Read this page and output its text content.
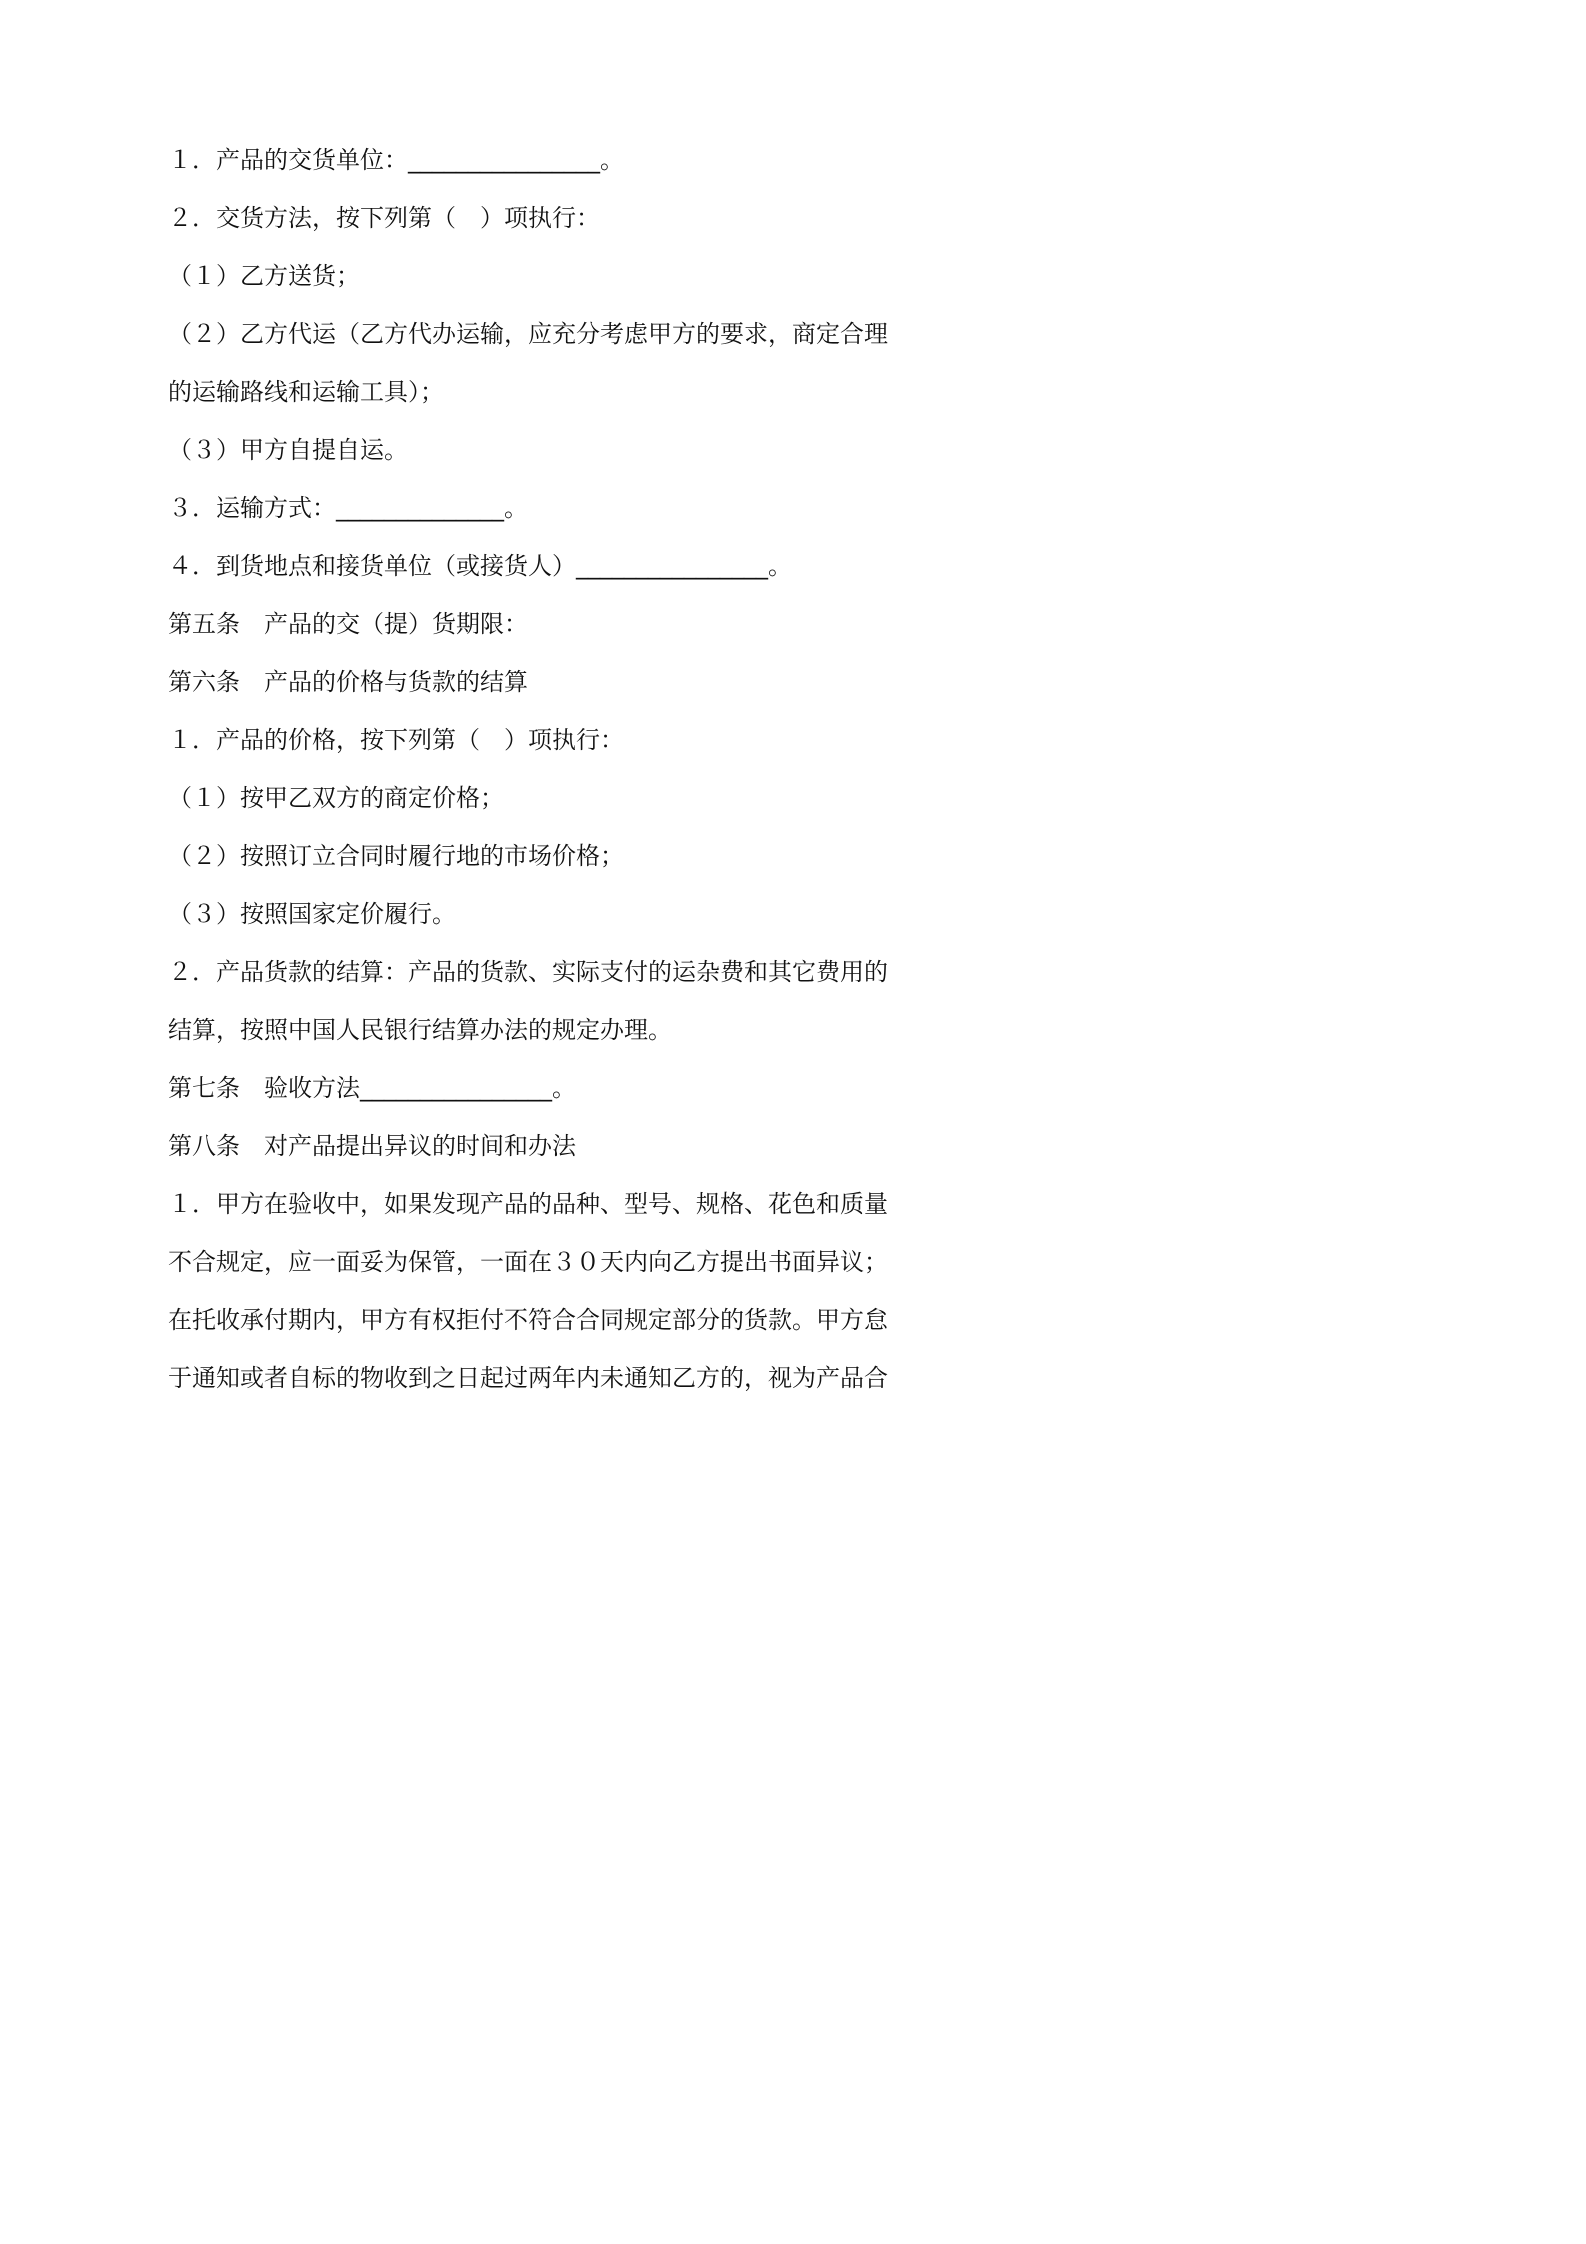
１．产品的交货单位：________________。
２．交货方法，按下列第（　）项执行：
（１）乙方送货；
（２）乙方代运（乙方代办运输，应充分考虑甲方的要求，商定合理
的运输路线和运输工具）；
（３）甲方自提自运。
３．运输方式：______________。
４．到货地点和接货单位（或接货人）________________。
第五条　产品的交（提）货期限：
第六条　产品的价格与货款的结算
１．产品的价格，按下列第（　）项执行：
（１）按甲乙双方的商定价格；
（２）按照订立合同时履行地的市场价格；
（３）按照国家定价履行。
２．产品货款的结算：产品的货款、实际支付的运杂费和其它费用的
结算，按照中国人民银行结算办法的规定办理。
第七条　验收方法________________。
第八条　对产品提出异议的时间和办法
１．甲方在验收中，如果发现产品的品种、型号、规格、花色和质量
不合规定，应一面妥为保管，一面在３０天内向乙方提出书面异议；
在托收承付期内，甲方有权拒付不符合合同规定部分的货款。甲方怠
于通知或者自标的物收到之日起过两年内未通知乙方的，视为产品合
